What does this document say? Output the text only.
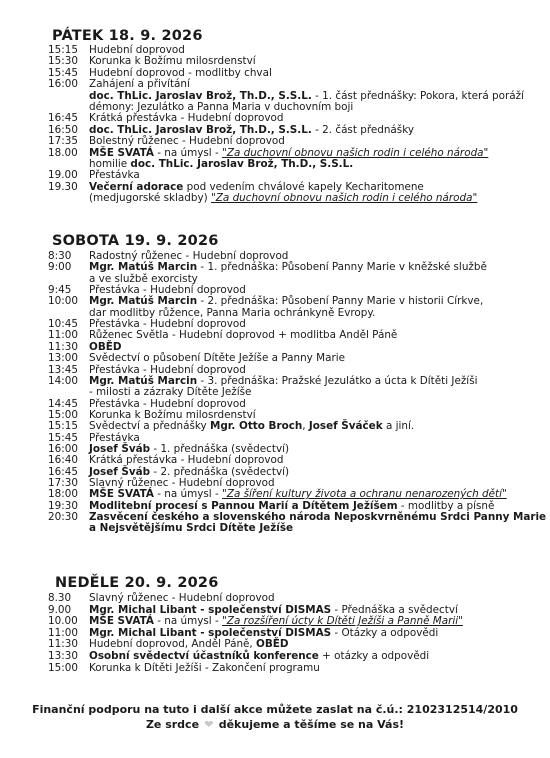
PÁTEK 18. 9. 2026
15:15	Hudební doprovod
15:30	Korunka k Božímu milosrdenství
15:45	Hudební doprovod - modlitby chval
16:00	Zahájení a přivítání
doc. ThLic. Jaroslav Brož, Th.D., S.S.L. - 1. část přednášky: Pokora, která poráží
démony: Jezulátko a Panna Maria v duchovním boji
16:45	Krátká přestávka - Hudební doprovod
16:50	doc. ThLic. Jaroslav Brož, Th.D., S.S.L. - 2. část přednášky
17:35	Bolestný růženec - Hudební doprovod
18.00	MŠE SVATÁ - na úmysl - "Za duchovní obnovu našich rodin i celého národa"
homilie doc. ThLic. Jaroslav Brož, Th.D., S.S.L.
19.00	Přestávka
19.30	Večerní adorace pod vedením chválové kapely Kecharitomene
(medjugorské skladby) "Za duchovní obnovu našich rodin i celého národa"
SOBOTA 19. 9. 2026
8:30	Radostný růženec - Hudební doprovod
9:00	Mgr. Matúš Marcin - 1. přednáška: Působení Panny Marie v kněžské službě
a ve službě exorcisty
9:45	Přestávka - Hudební doprovod
10:00	Mgr. Matúš Marcin - 2. přednáška: Působení Panny Marie v historii Církve,
dar modlitby růžence, Panna Maria ochránkyně Evropy.
10:45	Přestávka - Hudební doprovod
11:00	Růženec Světla - Hudební doprovod + modlitba Anděl Páně
11:30	OBĚD
13:00	Svědectví o působení Dítěte Ježíše a Panny Marie
13:45	Přestávka - Hudební doprovod
14:00	Mgr. Matúš Marcin - 3. přednáška: Pražské Jezulátko a úcta k Dítěti Ježíši
- milosti a zázraky Dítěte Ježíše
14:45	Přestávka - Hudební doprovod
15:00	Korunka k Božímu milosrdenství
15:15	Svědectví a přednášky Mgr. Otto Broch, Josef Šváček a jiní.
15:45	Přestávka
16:00	Josef Šváb - 1. přednáška (svědectví)
16:40	Krátká přestávka - Hudební doprovod
16:45	Josef Šváb - 2. přednáška (svědectví)
17:30	Slavný růženec - Hudební doprovod
18:00	MŠE SVATÁ - na úmysl - "Za šíření kultury života a ochranu nenarozených dětí"
19:30	Modlitební procesí s Pannou Marií a Dítětem Ježíšem - modlitby a písně
20:30	Zasvěcení českého a slovenského národa Neposkvrněnému Srdci Panny Marie
a Nejsvětějšímu Srdci Dítěte Ježíše
NEDĚLE 20. 9. 2026
8.30	Slavný růženec - Hudební doprovod
9.00	Mgr. Michal Libant - společenství DISMAS - Přednáška a svědectví
10.00	MŠE SVATÁ - na úmysl - "Za rozšíření úcty k Dítěti Ježíši a Panně Marii"
11:00	Mgr. Michal Libant - společenství DISMAS - Otázky a odpovědi
11:30	Hudební doprovod, Anděl Páně, OBĚD
13:30	Osobní svědectví účastníků konference + otázky a odpovědi
15:00	Korunka k Dítěti Ježíši - Zakončení programu
Finanční podporu na tuto i další akce můžete zaslat na č.ú.: 2102312514/2010
Ze srdce ❤ děkujeme a těšíme se na Vás!
